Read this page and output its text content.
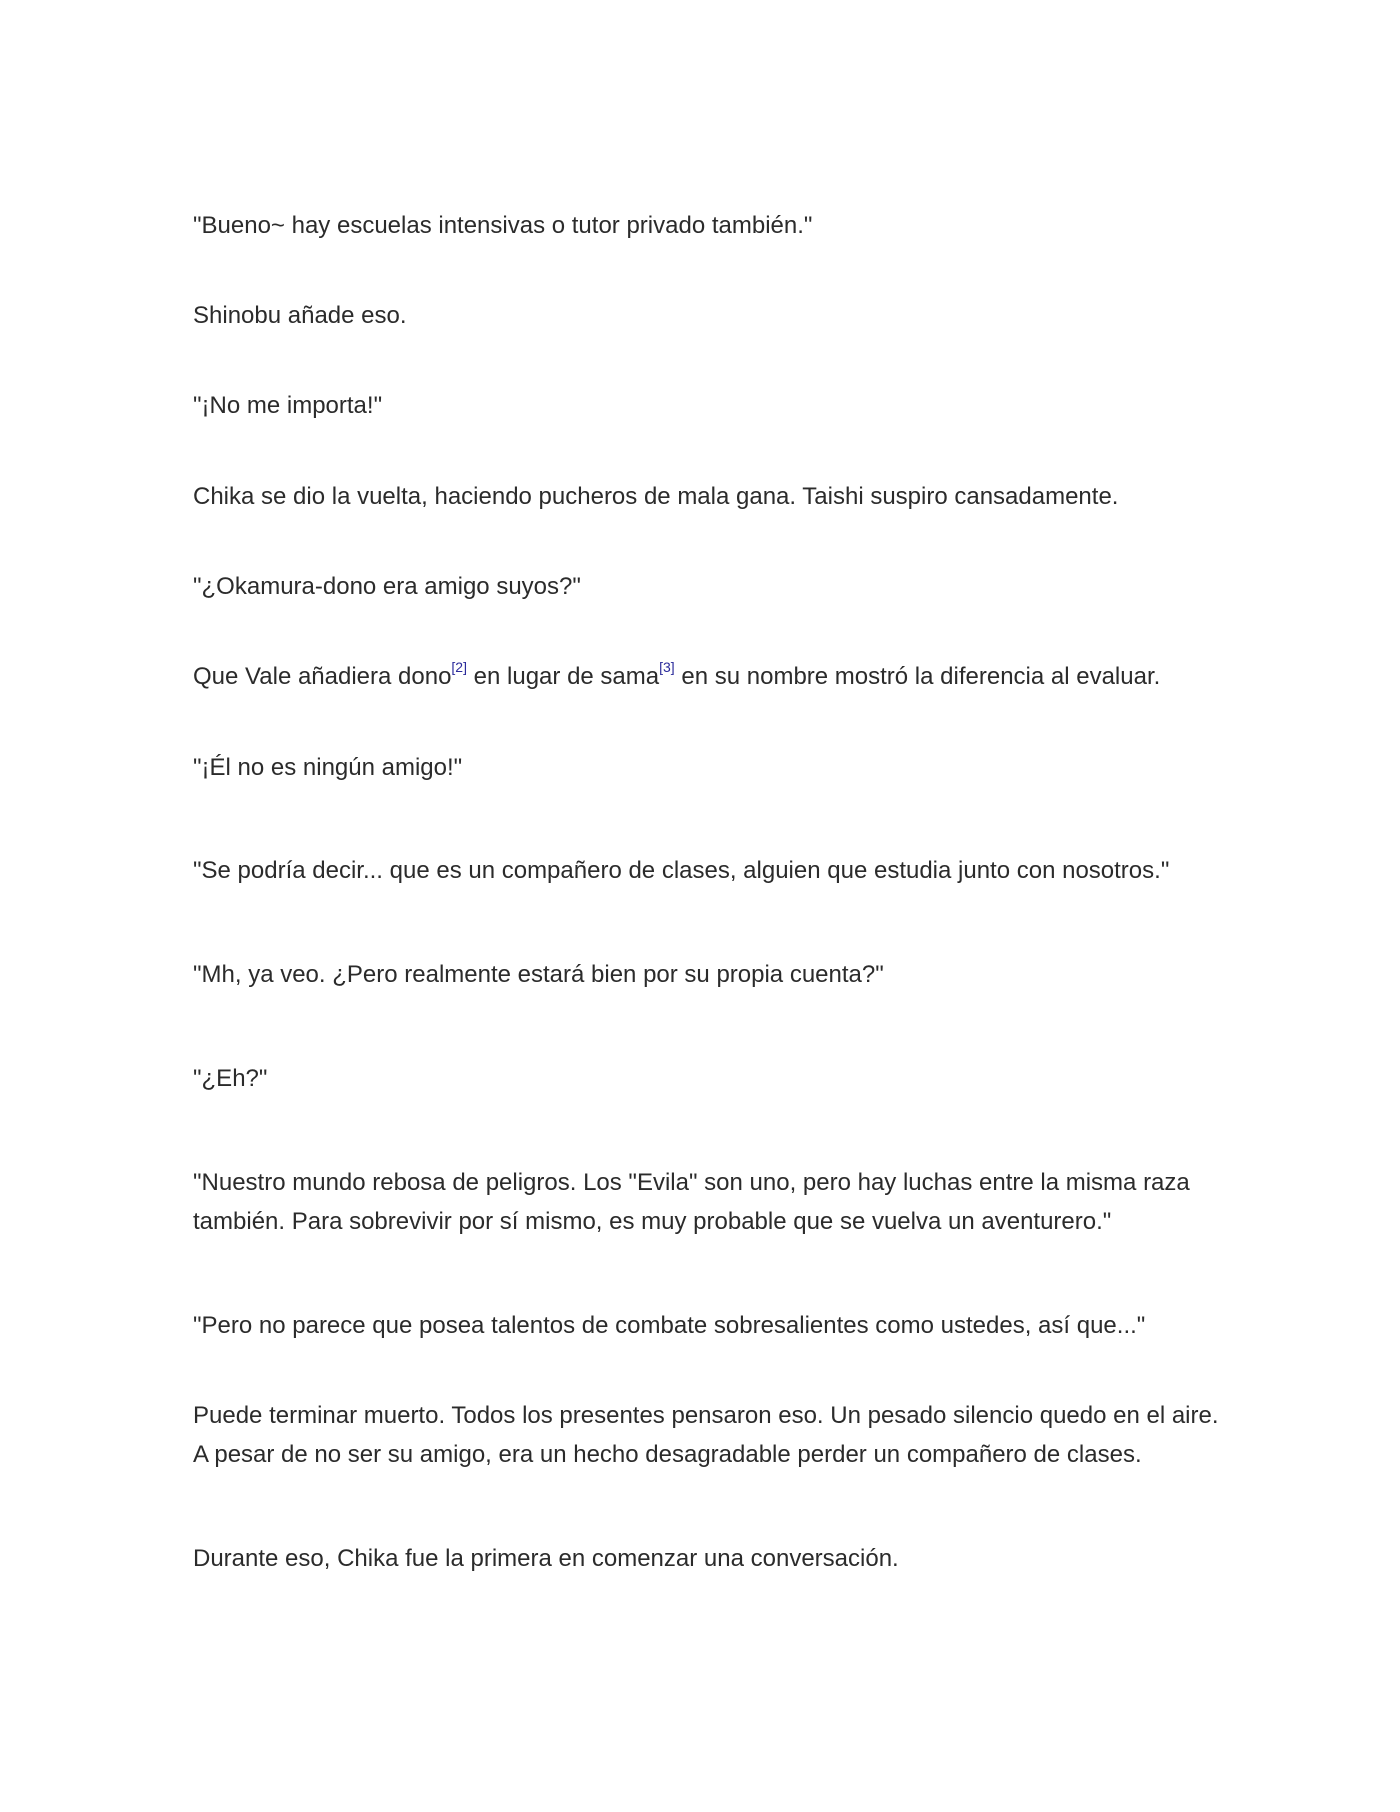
"Bueno~ hay escuelas intensivas o tutor privado también."

Shinobu añade eso.

"¡No me importa!"

Chika se dio la vuelta, haciendo pucheros de mala gana. Taishi suspiro cansadamente.

"¿Okamura-dono era amigo suyos?"

Que Vale añadiera dono[2] en lugar de sama[3] en su nombre mostró la diferencia al evaluar.

"¡Él no es ningún amigo!"

"Se podría decir... que es un compañero de clases, alguien que estudia junto con nosotros."

"Mh, ya veo. ¿Pero realmente estará bien por su propia cuenta?"

"¿Eh?"

"Nuestro mundo rebosa de peligros. Los "Evila" son uno, pero hay luchas entre la misma raza también. Para sobrevivir por sí mismo, es muy probable que se vuelva un aventurero."

"Pero no parece que posea talentos de combate sobresalientes como ustedes, así que..."

Puede terminar muerto. Todos los presentes pensaron eso. Un pesado silencio quedo en el aire. A pesar de no ser su amigo, era un hecho desagradable perder un compañero de clases.

Durante eso, Chika fue la primera en comenzar una conversación.
